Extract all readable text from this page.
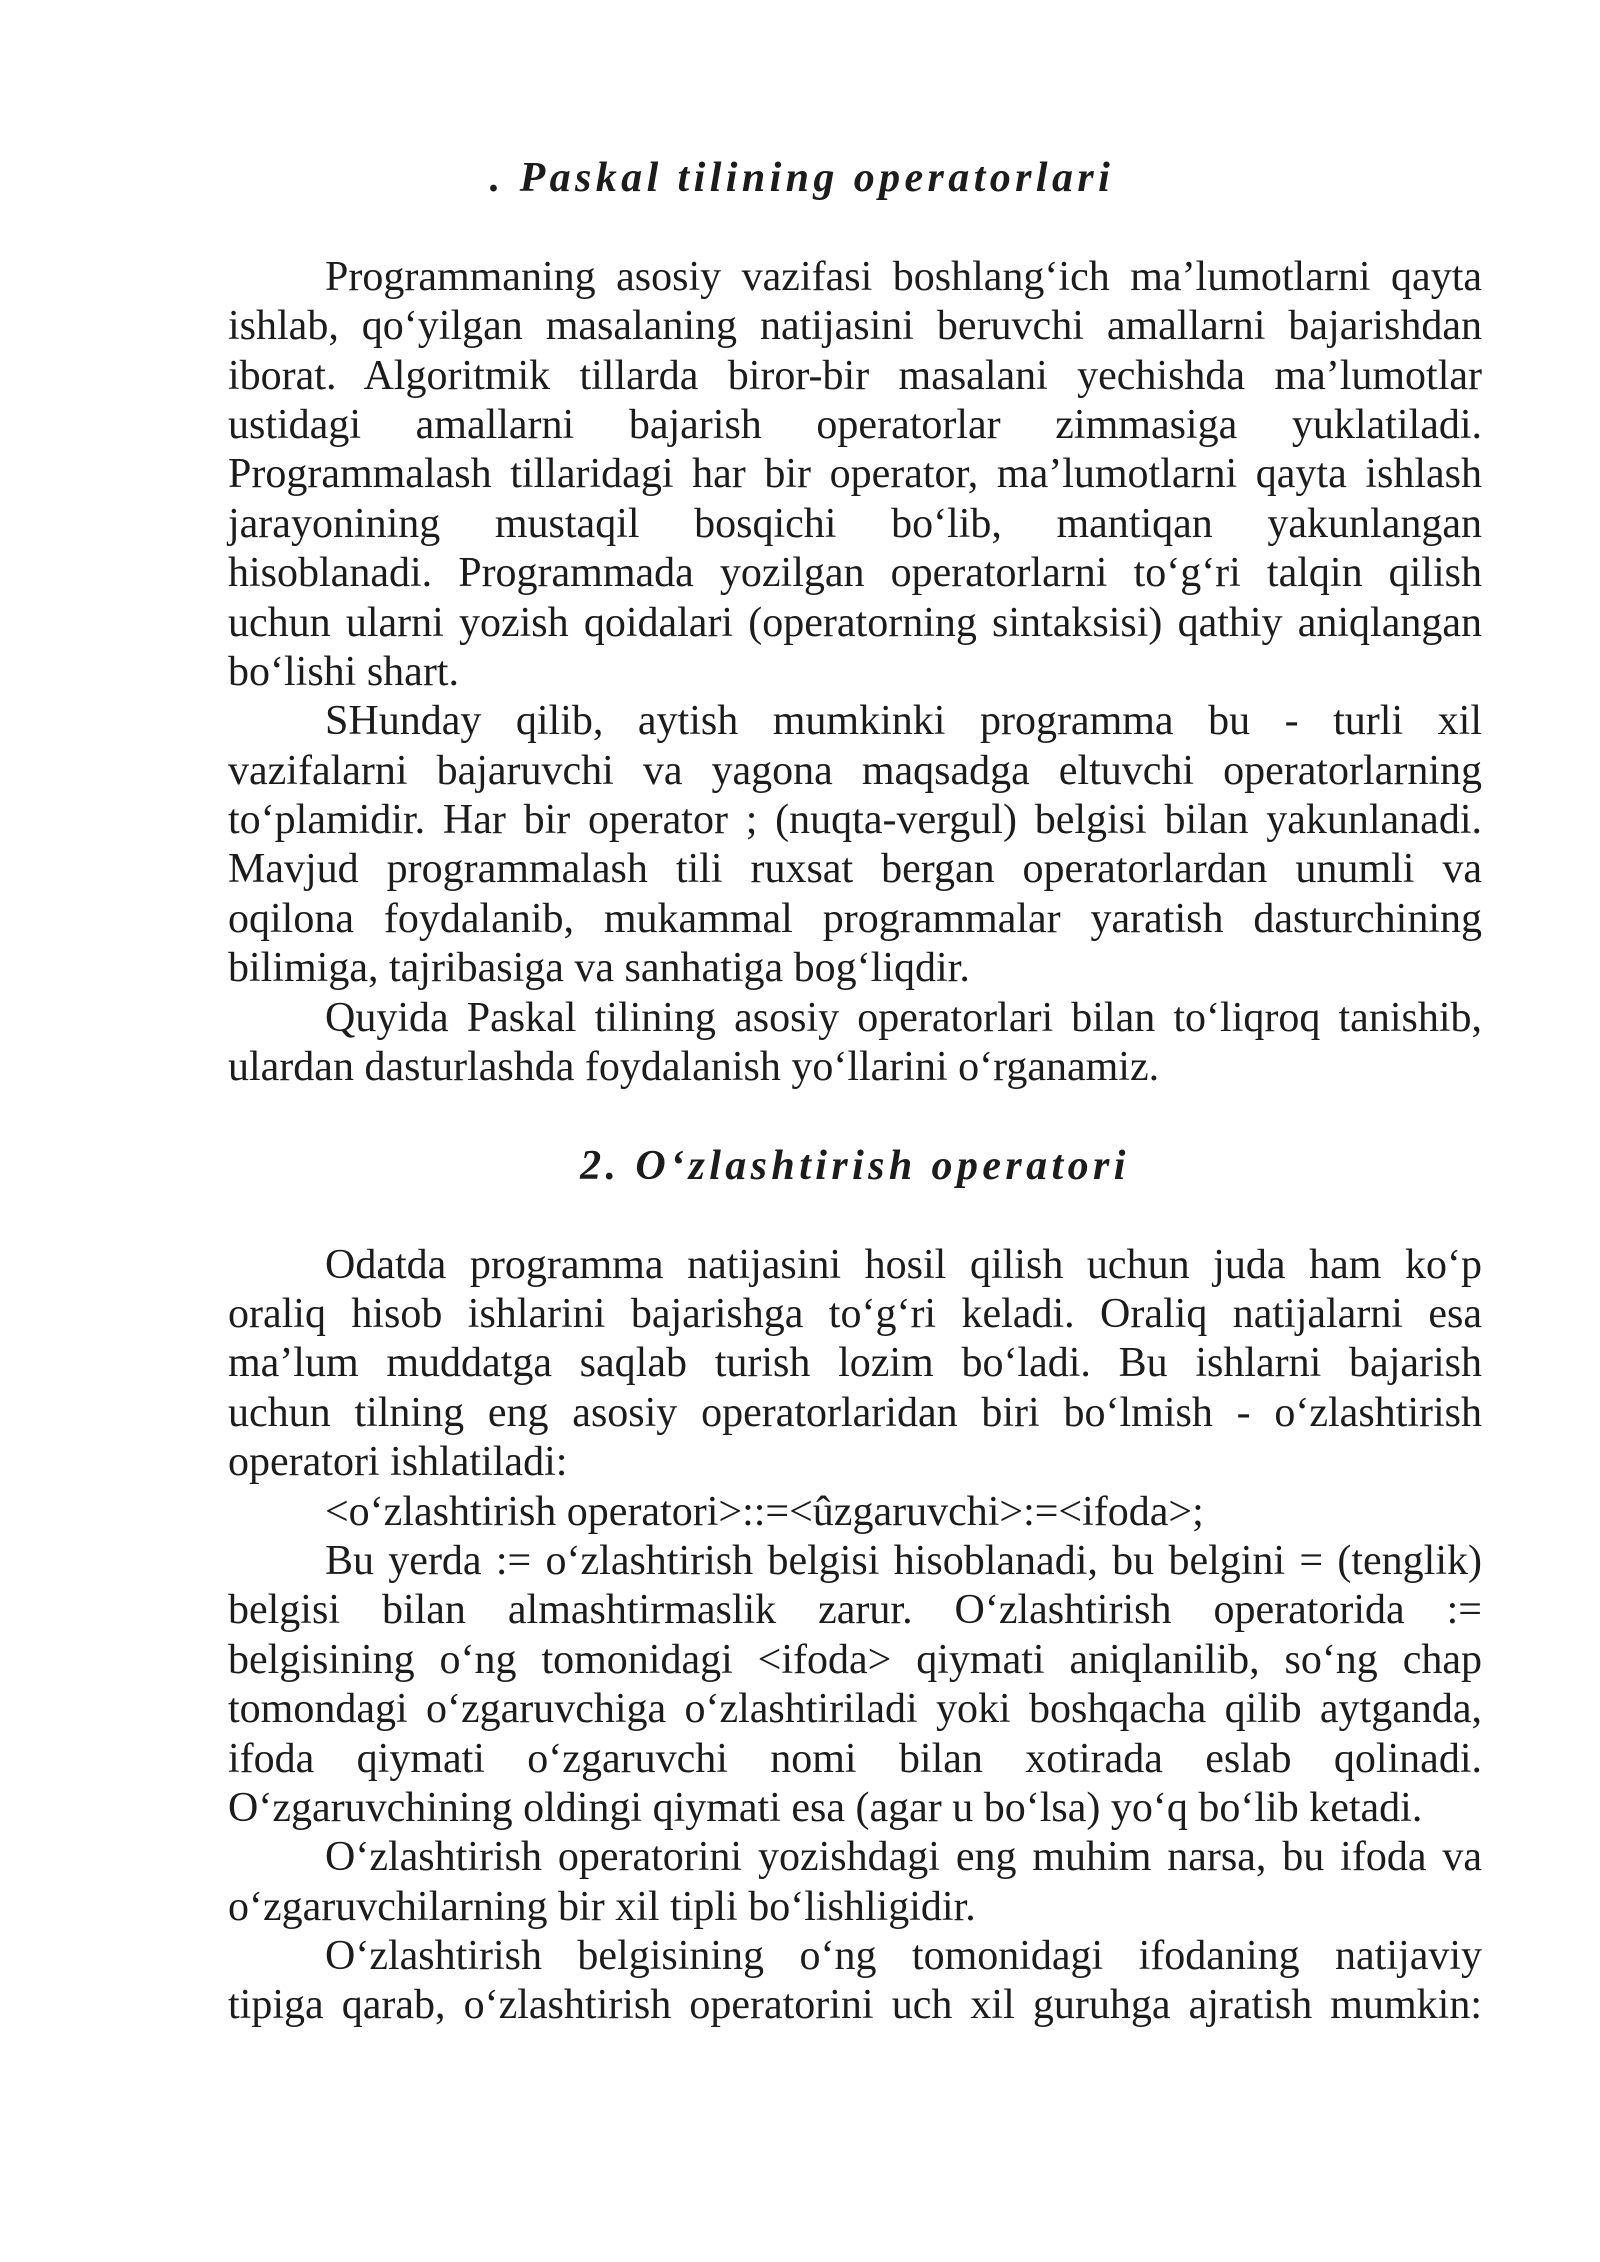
. Paskal tilining operatorlari

Programmaning asosiy vazifasi boshlang‘ich ma’lumotlarni qayta
ishlab, qo‘yilgan masalaning natijasini beruvchi amallarni bajarishdan
iborat. Algoritmik tillarda biror-bir masalani yechishda ma’lumotlar
ustidagi amallarni bajarish operatorlar zimmasiga yuklatiladi.
Programmalash tillaridagi har bir operator, ma’lumotlarni qayta ishlash
jarayonining mustaqil bosqichi bo‘lib, mantiqan yakunlangan
hisoblanadi. Programmada yozilgan operatorlarni to‘g‘ri talqin qilish
uchun ularni yozish qoidalari (operatorning sintaksisi) qathiy aniqlangan
bo‘lishi shart.

SHunday qilib, aytish mumkinki programma bu - turli xil
vazifalarni bajaruvchi va yagona maqsadga eltuvchi operatorlarning
to‘plamidir. Har bir operator ; (nuqta-vergul) belgisi bilan yakunlanadi.
Mavjud programmalash tili ruxsat bergan operatorlardan unumli va
oqilona foydalanib, mukammal programmalar yaratish dasturchining
bilimiga, tajribasiga va sanhatiga bog‘liqdir.

Quyida Paskal tilining asosiy operatorlari bilan to‘liqroq tanishib,
ulardan dasturlashda foydalanish yo‘llarini o‘rganamiz.

2. O‘zlashtirish operatori

Odatda programma natijasini hosil qilish uchun juda ham ko‘p
oraliq hisob ishlarini bajarishga to‘g‘ri keladi. Oraliq natijalarni esa
ma’lum muddatga saqlab turish lozim bo‘ladi. Bu ishlarni bajarish
uchun tilning eng asosiy operatorlaridan biri bo‘lmish - o‘zlashtirish
operatori ishlatiladi:

<o‘zlashtirish operatori>::=<ûzgaruvchi>:=<ifoda>;

Bu yerda := o‘zlashtirish belgisi hisoblanadi, bu belgini = (tenglik)
belgisi bilan almashtirmaslik zarur. O‘zlashtirish operatorida :=
belgisining o‘ng tomonidagi <ifoda> qiymati aniqlanilib, so‘ng chap
tomondagi o‘zgaruvchiga o‘zlashtiriladi yoki boshqacha qilib aytganda,
ifoda qiymati o‘zgaruvchi nomi bilan xotirada eslab qolinadi.
O‘zgaruvchining oldingi qiymati esa (agar u bo‘lsa) yo‘q bo‘lib ketadi.

O‘zlashtirish operatorini yozishdagi eng muhim narsa, bu ifoda va
o‘zgaruvchilarning bir xil tipli bo‘lishligidir.

O‘zlashtirish belgisining o‘ng tomonidagi ifodaning natijaviy
tipiga qarab, o‘zlashtirish operatorini uch xil guruhga ajratish mumkin:
